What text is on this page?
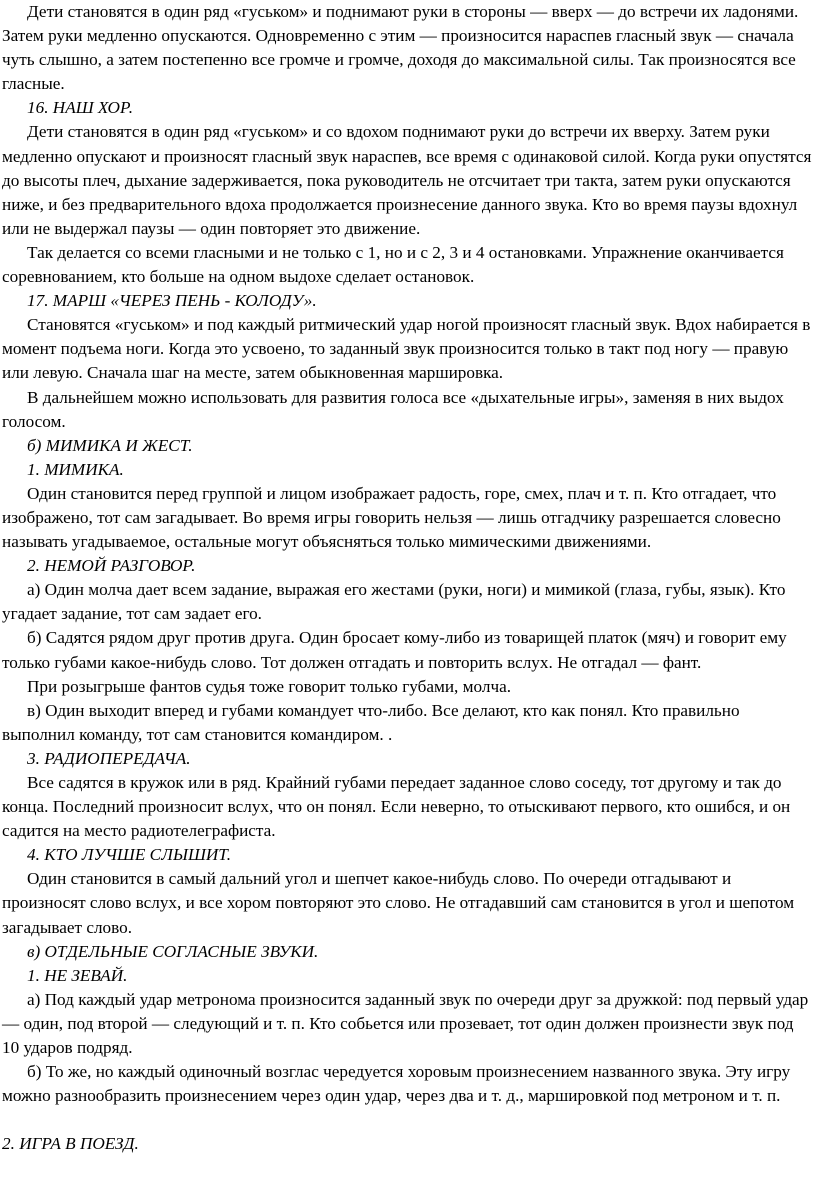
Дети становятся в один ряд «гуськом» и поднимают руки в стороны — вверх — до встречи их ладонями. Затем руки медленно опускаются. Одновременно с этим — произносится нараспев гласный звук — сначала чуть слышно, а затем постепенно все громче и громче, доходя до максимальной силы. Так произносятся все гласные.

16. НАШ ХОР.

Дети становятся в один ряд «гуськом» и со вдохом поднимают руки до встречи их вверху. Затем руки медленно опускают и произносят гласный звук нараспев, все время с одинаковой силой. Когда руки опустятся до высоты плеч, дыхание задерживается, пока руководитель не отсчитает три такта, затем руки опускаются ниже, и без предварительного вдоха продолжается произнесение данного звука. Кто во время паузы вдохнул или не выдержал паузы — один повторяет это движение.

Так делается со всеми гласными и не только с 1, но и с 2, 3 и 4 остановками. Упражнение оканчивается соревнованием, кто больше на одном выдохе сделает остановок.

17. МАРШ «ЧЕРЕЗ ПЕНЬ - КОЛОДУ».

Становятся «гуськом» и под каждый ритмический удар ногой произносят гласный звук. Вдох набирается в момент подъема ноги. Когда это усвоено, то заданный звук произносится только в такт под ногу — правую или левую. Сначала шаг на месте, затем обыкновенная маршировка.

В дальнейшем можно использовать для развития голоса все «дыхательные игры», заменяя в них выдох голосом.

б) МИМИКА И ЖЕСТ.

1. МИМИКА.

Один становится перед группой и лицом изображает радость, горе, смех, плач и т. п. Кто отгадает, что изображено, тот сам загадывает. Во время игры говорить нельзя — лишь отгадчику разрешается словесно называть угадываемое, остальные могут объясняться только мимическими движениями.

2. НЕМОЙ РАЗГОВОР.

а) Один молча дает всем задание, выражая его жестами (руки, ноги) и мимикой (глаза, губы, язык). Кто угадает задание, тот сам задает его.

б) Садятся рядом друг против друга. Один бросает кому-либо из товарищей платок (мяч) и говорит ему только губами какое-нибудь слово. Тот должен отгадать и повторить вслух. Не отгадал — фант.

При розыгрыше фантов судья тоже говорит только губами, молча.

в) Один выходит вперед и губами командует что-либо. Все делают, кто как понял. Кто правильно выполнил команду, тот сам становится командиром. .

3. РАДИОПЕРЕДАЧА.

Все садятся в кружок или в ряд. Крайний губами передает заданное слово соседу, тот другому и так до конца. Последний произносит вслух, что он понял. Если неверно, то отыскивают первого, кто ошибся, и он садится на место радиотелеграфиста.

4. КТО ЛУЧШЕ СЛЫШИТ.

Один становится в самый дальний угол и шепчет какое-нибудь слово. По очереди отгадывают и произносят слово вслух, и все хором повторяют это слово. Не отгадавший сам становится в угол и шепотом загадывает слово.

в) ОТДЕЛЬНЫЕ СОГЛАСНЫЕ ЗВУКИ.

1. НЕ ЗЕВАЙ.

а) Под каждый удар метронома произносится заданный звук по очереди друг за дружкой: под первый удар — один, под второй — следующий и т. п. Кто собьется или прозевает, тот один должен произнести звук под 10 ударов подряд.

б) То же, но каждый одиночный возглас чередуется хоровым произнесением названного звука. Эту игру можно разнообразить произнесением через один удар, через два и т. д., маршировкой под метроном и т. п.

2. ИГРА В ПОЕЗД.
